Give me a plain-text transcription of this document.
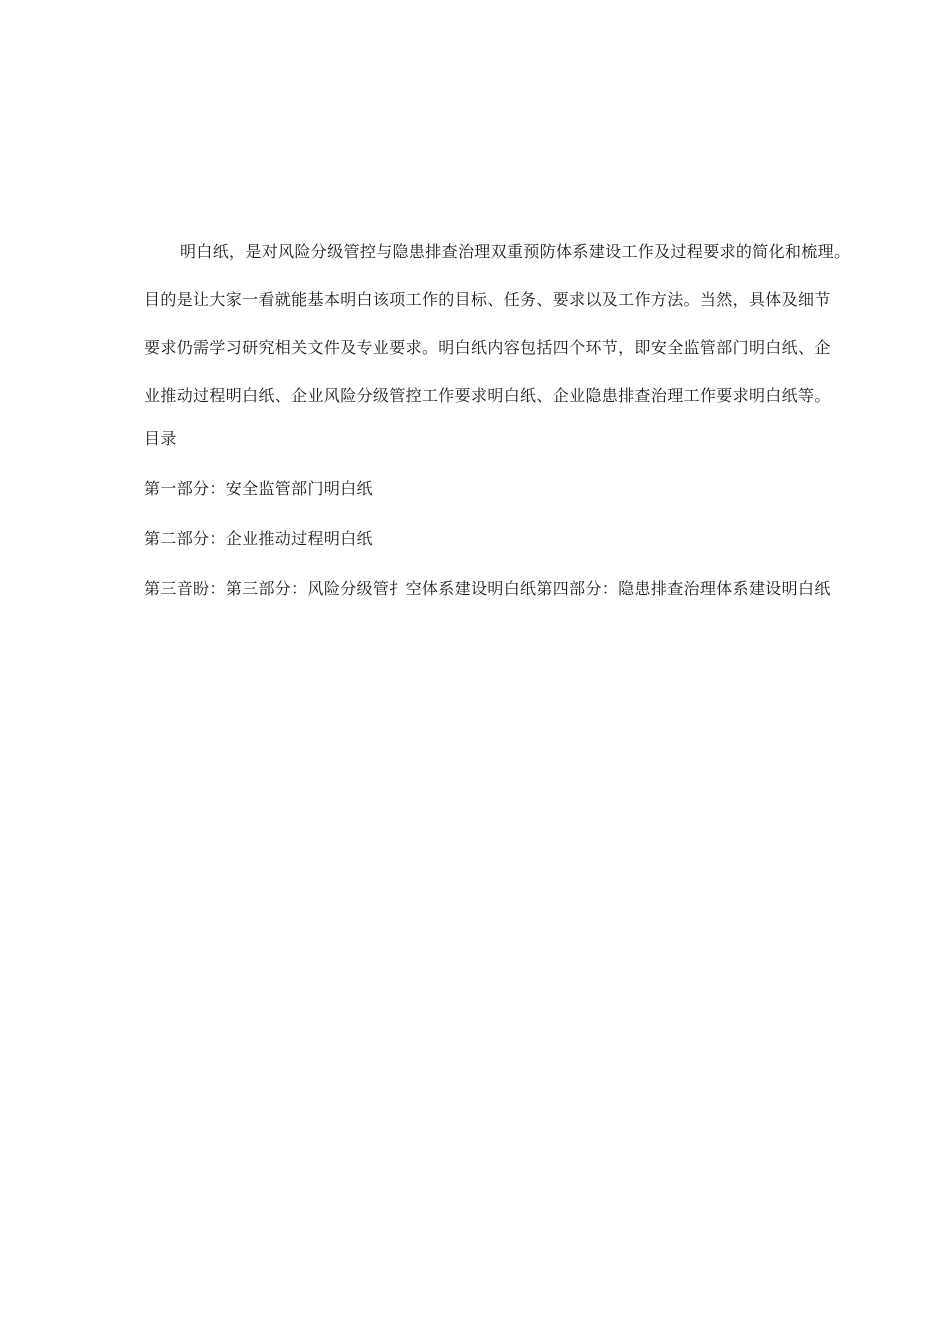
明白纸，是对风险分级管控与隐患排查治理双重预防体系建设工作及过程要求的简化和梳理。

目的是让大家一看就能基本明白该项工作的目标、任务、要求以及工作方法。当然，具体及细节

要求仍需学习研究相关文件及专业要求。明白纸内容包括四个环节，即安全监管部门明白纸、企

业推动过程明白纸、企业风险分级管控工作要求明白纸、企业隐患排查治理工作要求明白纸等。

目录
第一部分：安全监管部门明白纸
第二部分：企业推动过程明白纸
第三音盼：第三部分：风险分级管扌空体系建设明白纸第四部分：隐患排查治理体系建设明白纸
